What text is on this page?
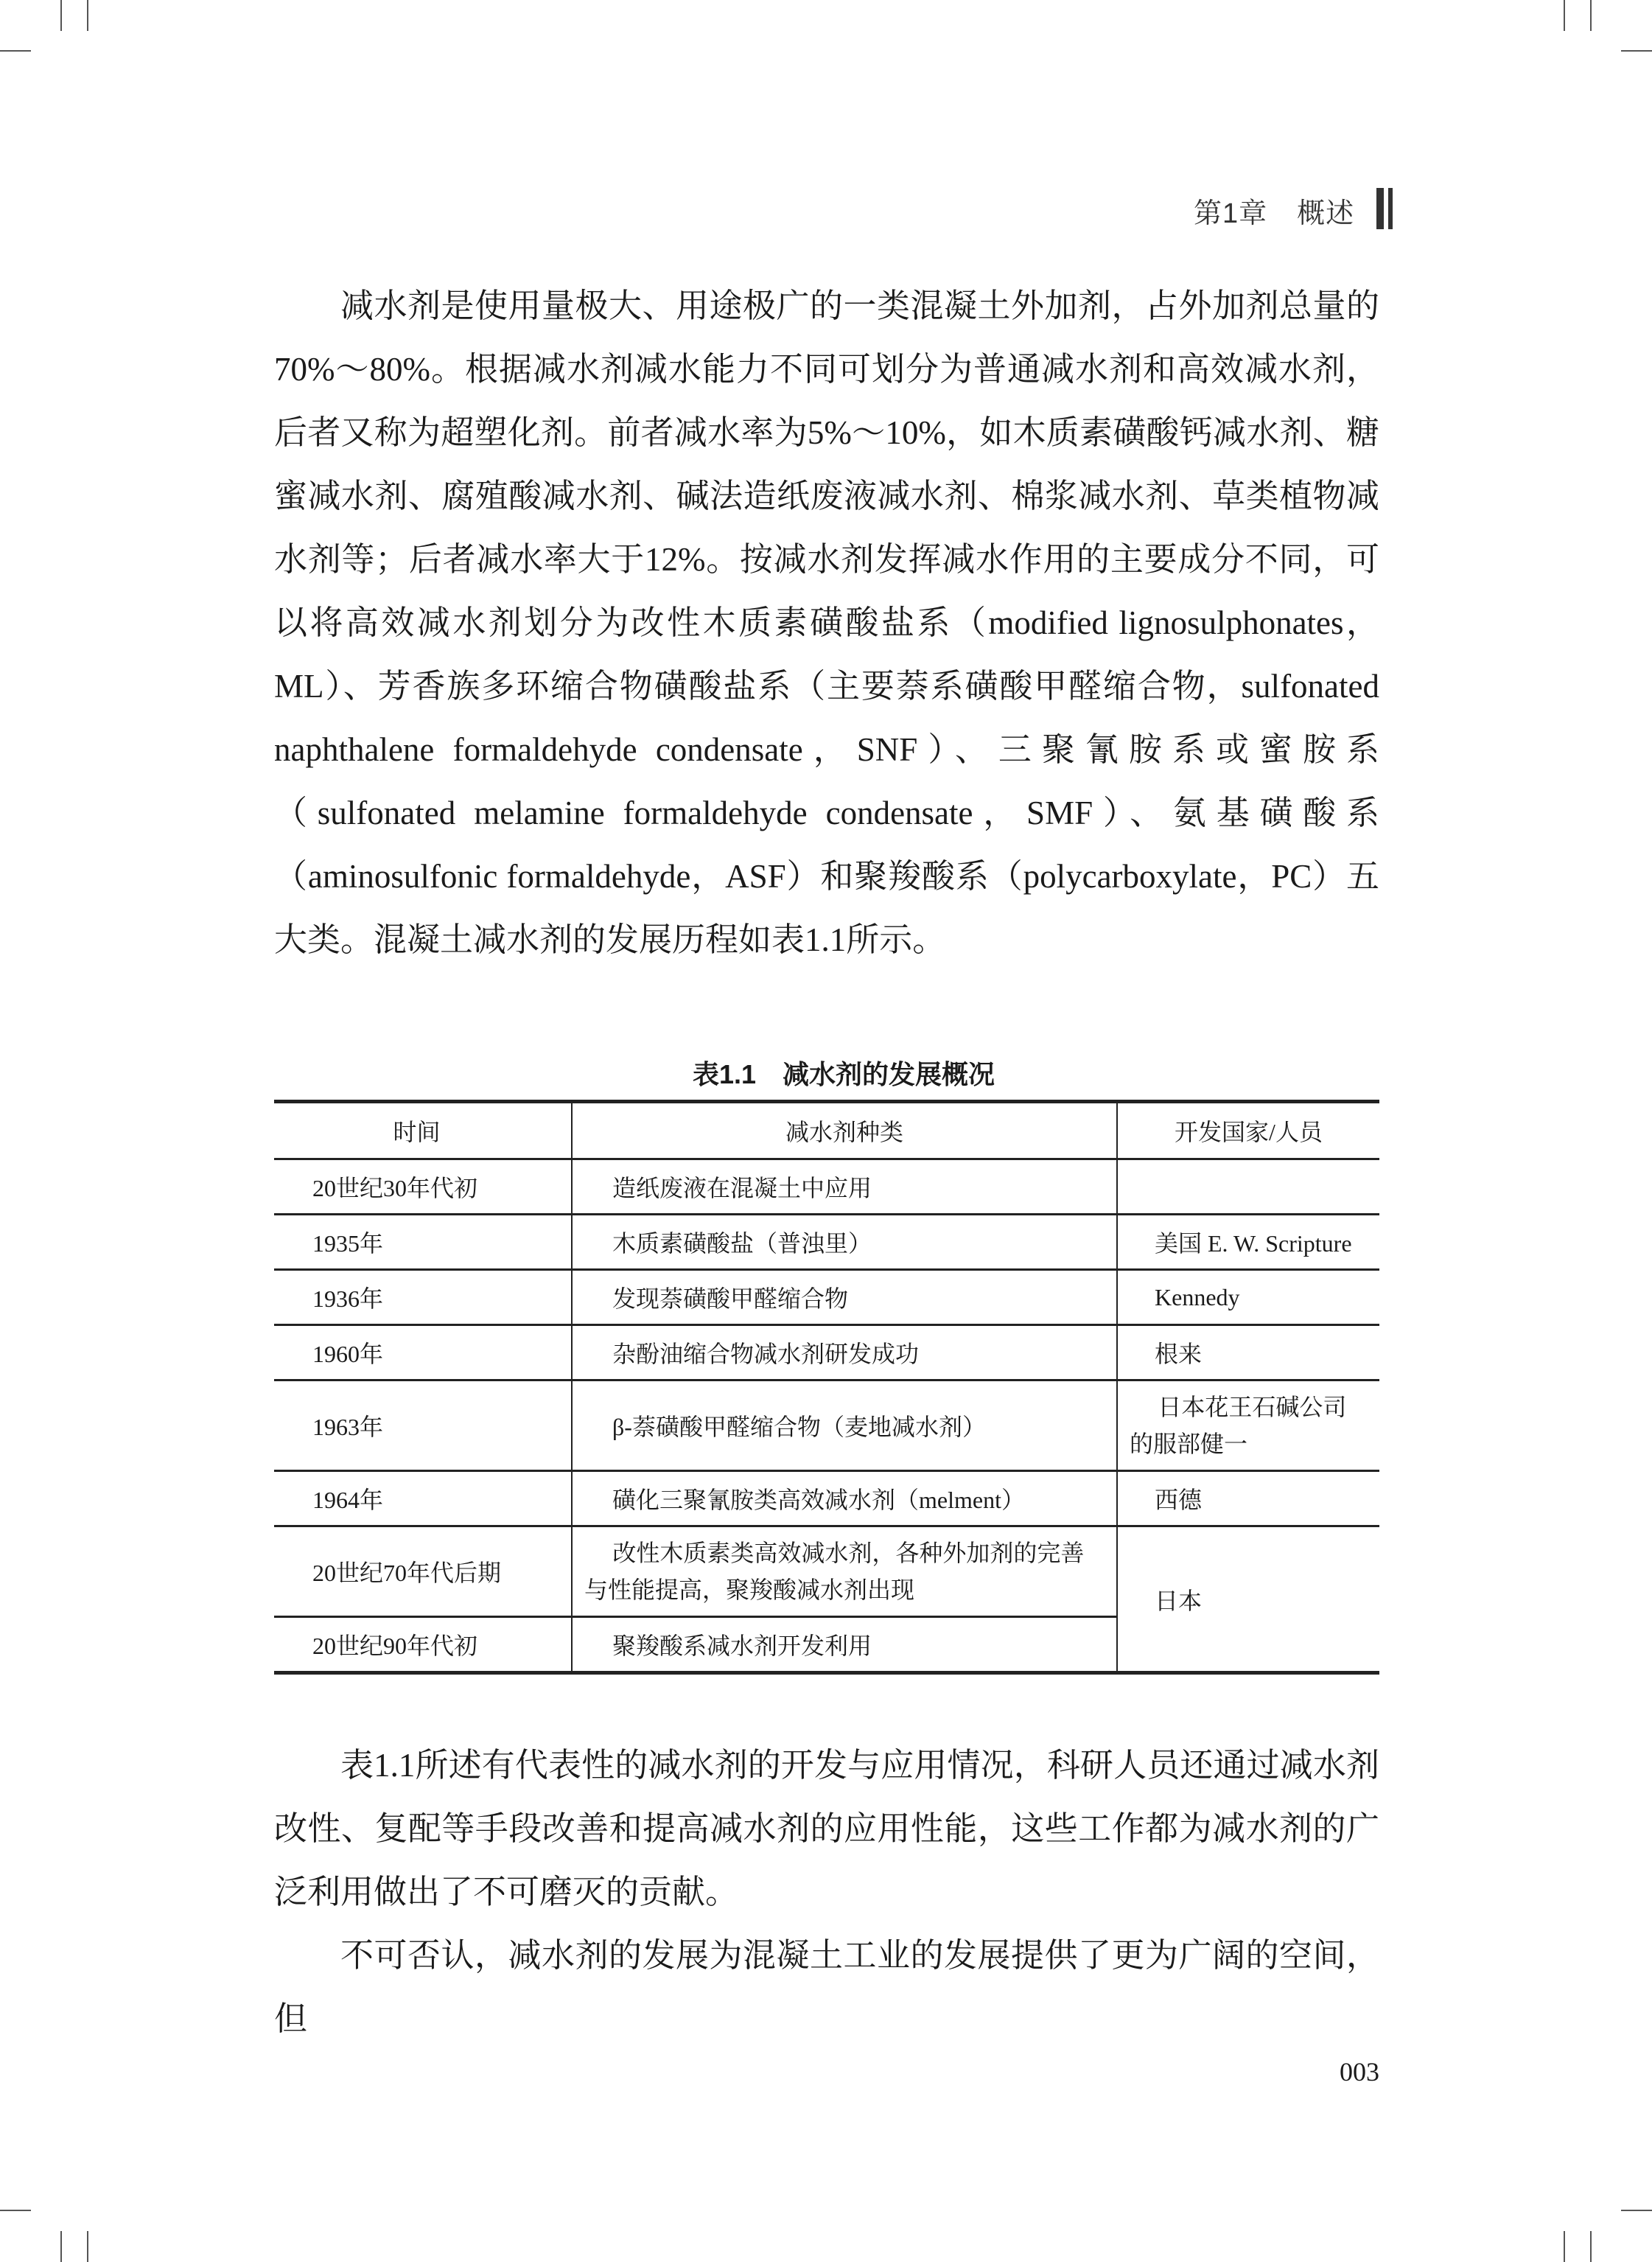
第1章 概述

减水剂是使用量极大、用途极广的一类混凝土外加剂，占外加剂总量的70%～80%。根据减水剂减水能力不同可划分为普通减水剂和高效减水剂，后者又称为超塑化剂。前者减水率为5%～10%，如木质素磺酸钙减水剂、糖蜜减水剂、腐殖酸减水剂、碱法造纸废液减水剂、棉浆减水剂、草类植物减水剂等；后者减水率大于12%。按减水剂发挥减水作用的主要成分不同，可以将高效减水剂划分为改性木质素磺酸盐系（modified lignosulphonates，ML）、芳香族多环缩合物磺酸盐系（主要萘系磺酸甲醛缩合物，sulfonated naphthalene formaldehyde condensate，SNF）、三聚氰胺系或蜜胺系 （sulfonated melamine formaldehyde condensate，SMF）、氨基磺酸系（aminosulfonic formaldehyde，ASF）和聚羧酸系（polycarboxylate，PC）五大类。混凝土减水剂的发展历程如表1.1所示。

表1.1　减水剂的发展概况
时间	减水剂种类	开发国家/人员
20世纪30年代初	造纸废液在混凝土中应用	
1935年	木质素磺酸盐（普浊里）	美国 E. W. Scripture
1936年	发现萘磺酸甲醛缩合物	Kennedy
1960年	杂酚油缩合物减水剂研发成功	根来
1963年	β-萘磺酸甲醛缩合物（麦地减水剂）	日本花王石碱公司的服部健一
1964年	磺化三聚氰胺类高效减水剂（melment）	西德
20世纪70年代后期	改性木质素类高效减水剂，各种外加剂的完善与性能提高，聚羧酸减水剂出现	日本
20世纪90年代初	聚羧酸系减水剂开发利用	

表1.1所述有代表性的减水剂的开发与应用情况，科研人员还通过减水剂改性、复配等手段改善和提高减水剂的应用性能，这些工作都为减水剂的广泛利用做出了不可磨灭的贡献。

不可否认，减水剂的发展为混凝土工业的发展提供了更为广阔的空间，但

003
